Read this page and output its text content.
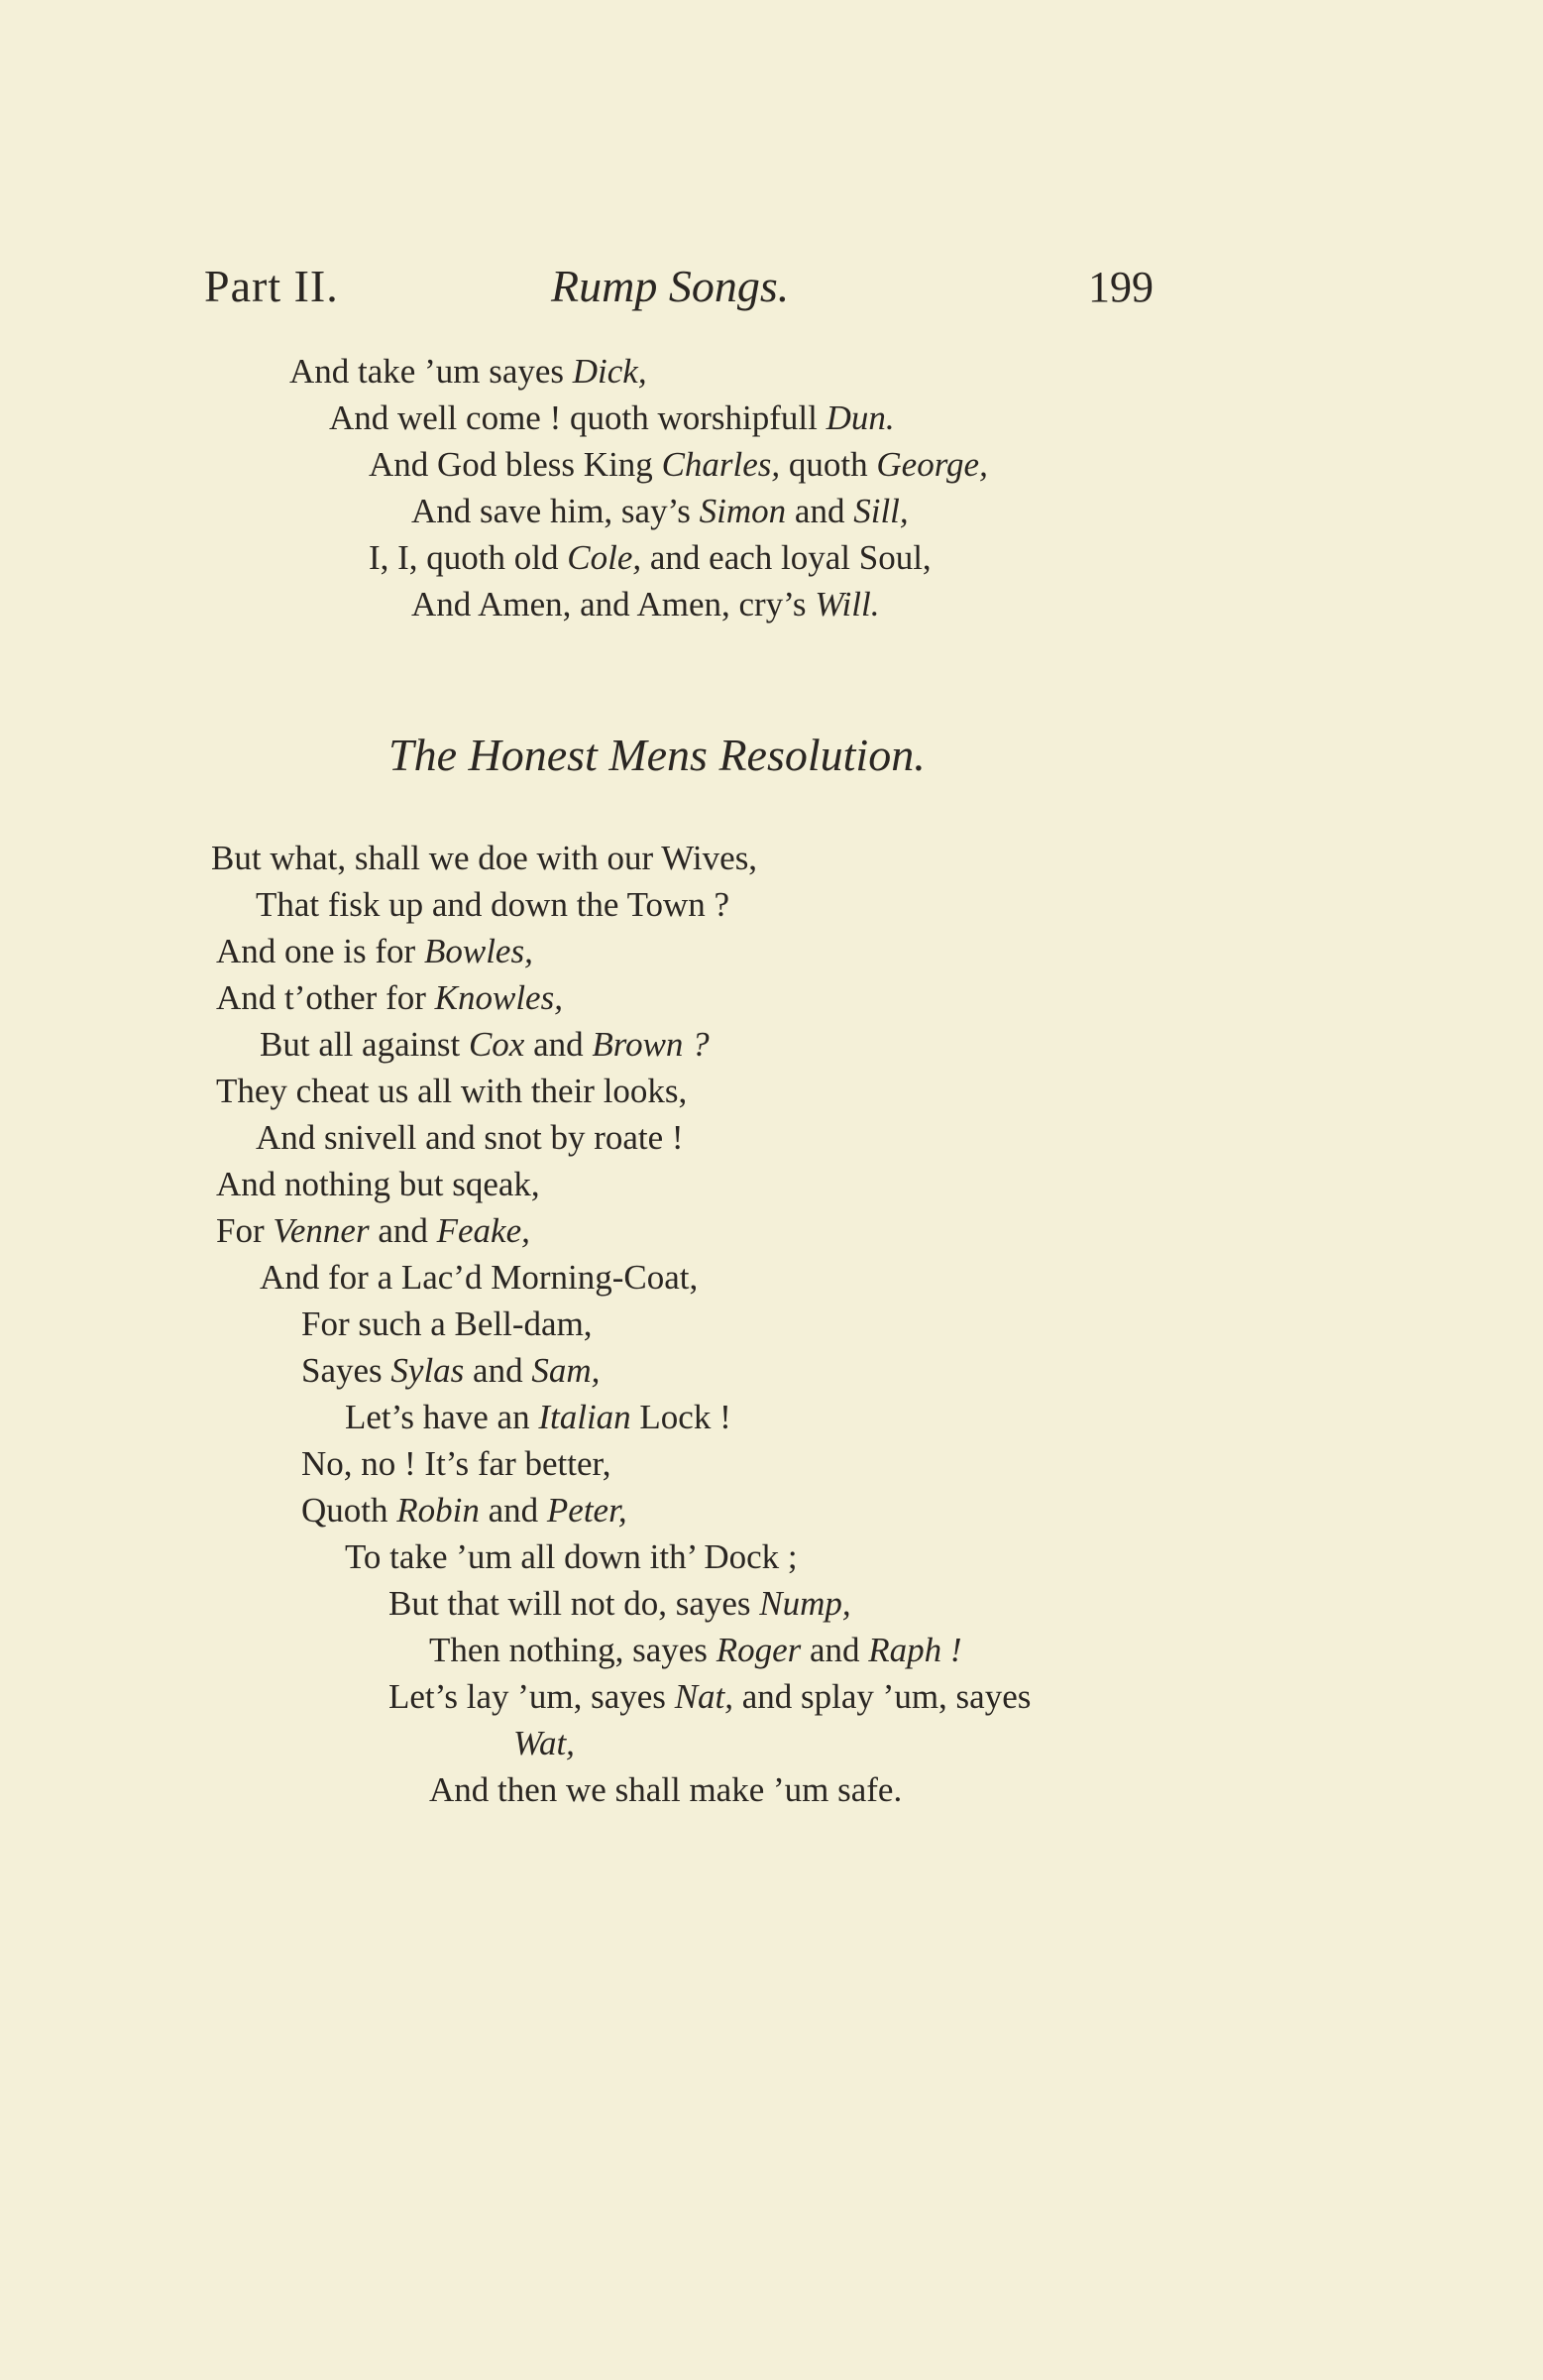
Part II.	Rump Songs.	199
And take ’um sayes Dick,
And well come ! quoth worshipfull Dun.
And God bless King Charles, quoth George,
And save him, say’s Simon and Sill,
I, I, quoth old Cole, and each loyal Soul,
And Amen, and Amen, cry’s Will.
The Honest Mens Resolution.
But what, shall we doe with our Wives,
That fisk up and down the Town ?
And one is for Bowles,
And t’other for Knowles,
But all against Cox and Brown ?
They cheat us all with their looks,
And snivell and snot by roate !
And nothing but sqeak,
For Venner and Feake,
And for a Lac’d Morning-Coat,
For such a Bell-dam,
Sayes Sylas and Sam,
Let’s have an Italian Lock !
No, no ! It’s far better,
Quoth Robin and Peter,
To take ’um all down ith’ Dock ;
But that will not do, sayes Nump,
Then nothing, sayes Roger and Raph !
Let’s lay ’um, sayes Nat, and splay ’um, sayes
Wat,
And then we shall make ’um safe.
